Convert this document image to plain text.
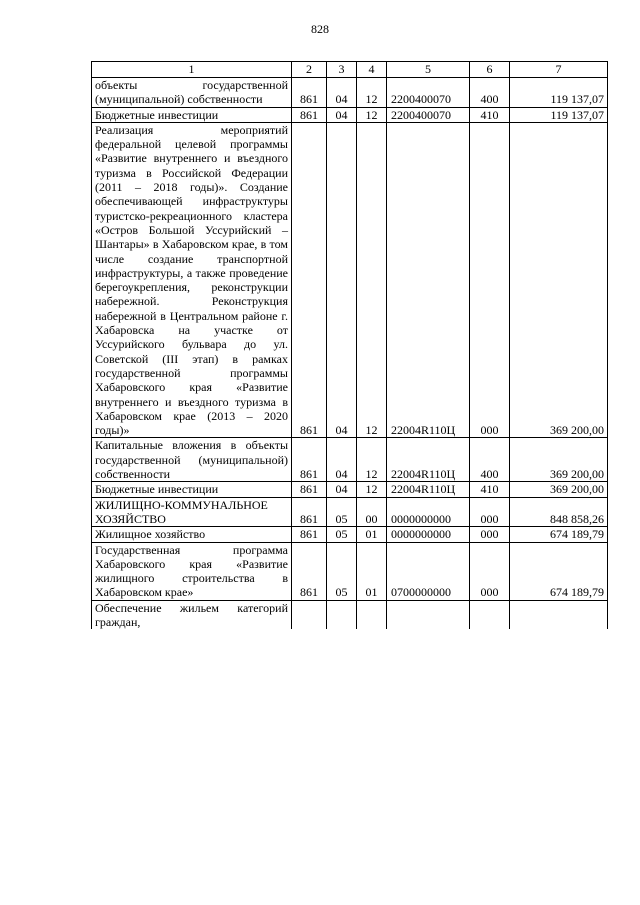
828
1	2	3	4	5	6	7
объекты государственной (муниципальной) собственности	861	04	12	2200400070	400	119 137,07
Бюджетные инвестиции	861	04	12	2200400070	410	119 137,07
Реализация мероприятий федеральной целевой программы «Развитие внутреннего и въездного туризма в Российской Федерации (2011 – 2018 годы)». Создание обеспечивающей инфраструктуры туристско-рекреационного кластера «Остров Большой Уссурийский – Шантары» в Хабаровском крае, в том числе создание транспортной инфраструктуры, а также проведение берегоукрепления, реконструкции набережной. Реконструкция набережной в Центральном районе г. Хабаровска на участке от Уссурийского бульвара до ул. Советской (III этап) в рамках государственной программы Хабаровского края «Развитие внутреннего и въездного туризма в Хабаровском крае (2013 – 2020 годы)»	861	04	12	22004R110Ц	000	369 200,00
Капитальные вложения в объекты государственной (муниципальной) собственности	861	04	12	22004R110Ц	400	369 200,00
Бюджетные инвестиции	861	04	12	22004R110Ц	410	369 200,00
ЖИЛИЩНО-КОММУНАЛЬНОЕ ХОЗЯЙСТВО	861	05	00	0000000000	000	848 858,26
Жилищное хозяйство	861	05	01	0000000000	000	674 189,79
Государственная программа Хабаровского края «Развитие жилищного строительства в Хабаровском крае»	861	05	01	0700000000	000	674 189,79
Обеспечение жильем категорий граждан,						
